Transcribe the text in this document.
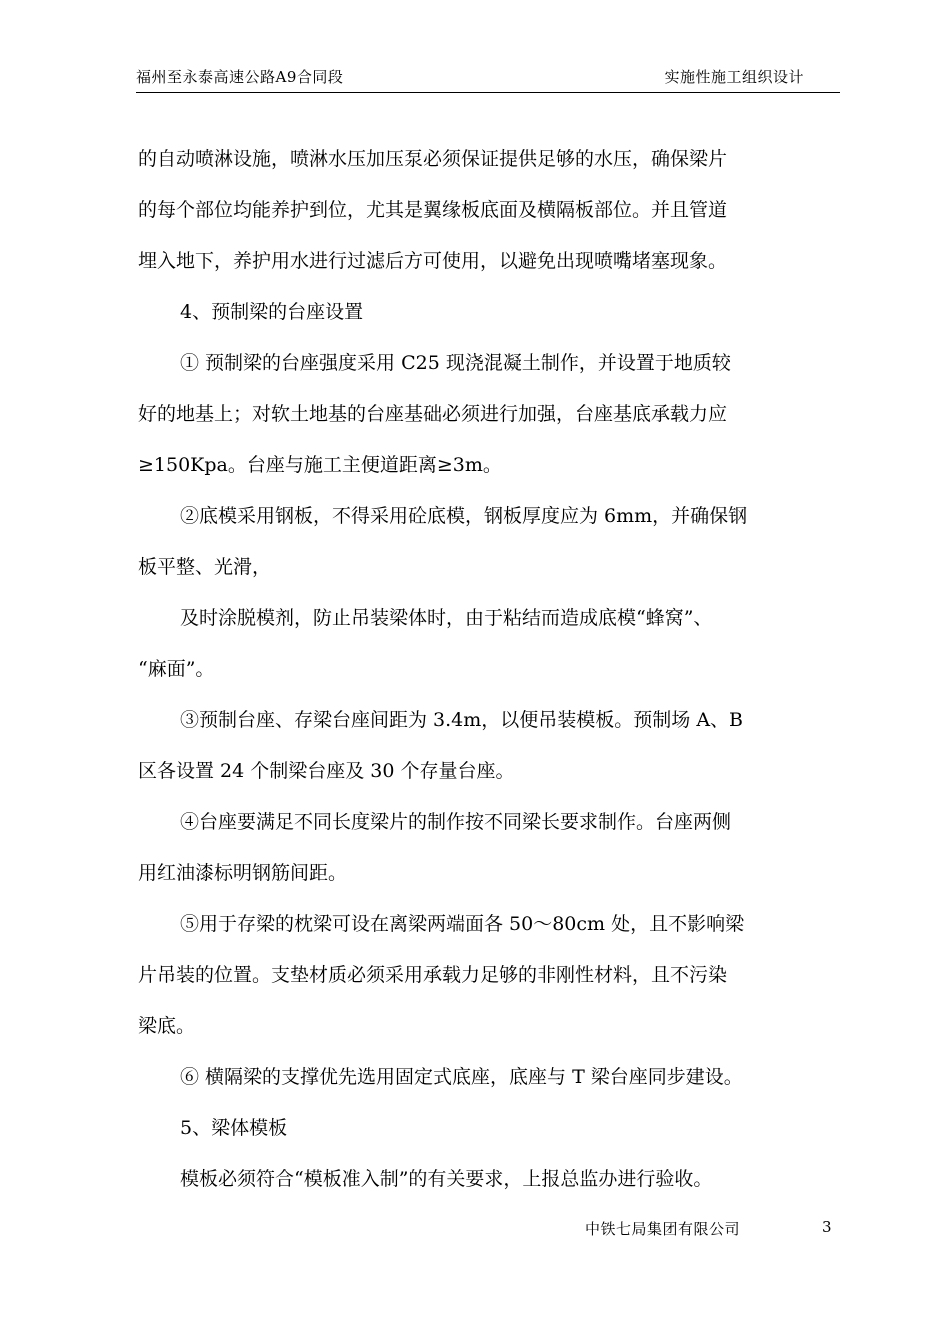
福州至永泰高速公路A9合同段	实施性施工组织设计
的自动喷淋设施，喷淋水压加压泵必须保证提供足够的水压，确保梁片
的每个部位均能养护到位，尤其是翼缘板底面及横隔板部位。并且管道
埋入地下，养护用水进行过滤后方可使用，以避免出现喷嘴堵塞现象。
4、预制梁的台座设置
① 预制梁的台座强度采用 C25 现浇混凝土制作，并设置于地质较
好的地基上；对软土地基的台座基础必须进行加强，台座基底承载力应
≥150Kpa。台座与施工主便道距离≥3m。
②底模采用钢板，不得采用砼底模，钢板厚度应为 6mm，并确保钢
板平整、光滑，
及时涂脱模剂，防止吊装梁体时，由于粘结而造成底模“蜂窝”、
“麻面”。
③预制台座、存梁台座间距为 3.4m，以便吊装模板。预制场 A、B
区各设置 24 个制梁台座及 30 个存量台座。
④台座要满足不同长度梁片的制作按不同梁长要求制作。台座两侧
用红油漆标明钢筋间距。
⑤用于存梁的枕梁可设在离梁两端面各 50～80cm 处，且不影响梁
片吊装的位置。支垫材质必须采用承载力足够的非刚性材料，且不污染
梁底。
⑥ 横隔梁的支撑优先选用固定式底座，底座与 T 梁台座同步建设。
5、梁体模板
模板必须符合“模板准入制”的有关要求，上报总监办进行验收。
中铁七局集团有限公司	3
